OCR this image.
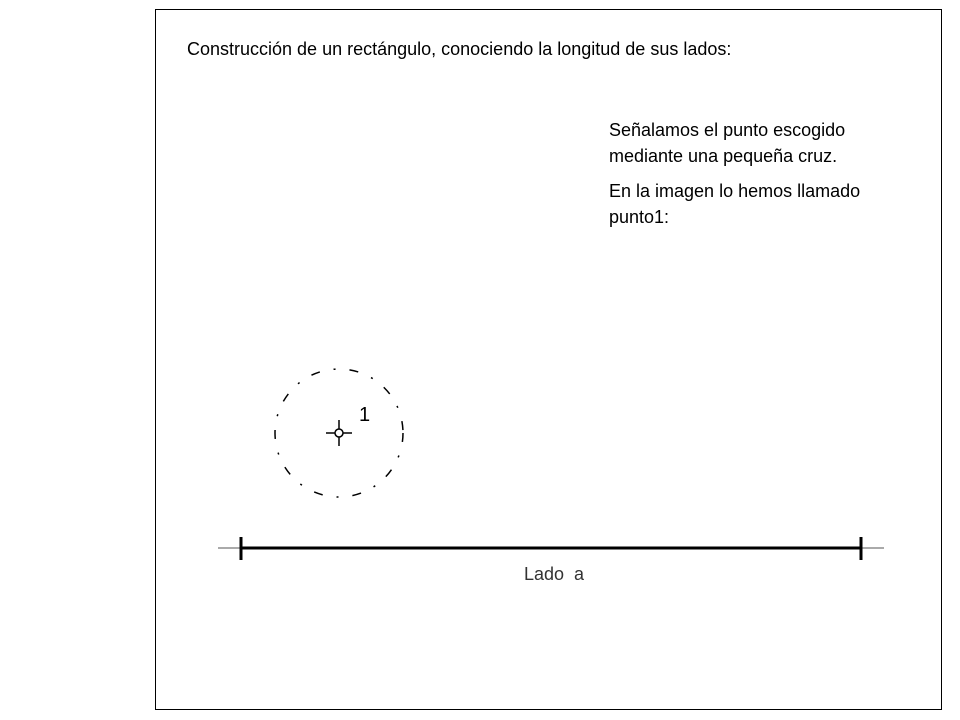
Construcción de un rectángulo, conociendo la longitud de sus lados:

Señalamos el punto escogido mediante una pequeña cruz.

En la imagen lo hemos llamado punto1:

1
Lado  a
